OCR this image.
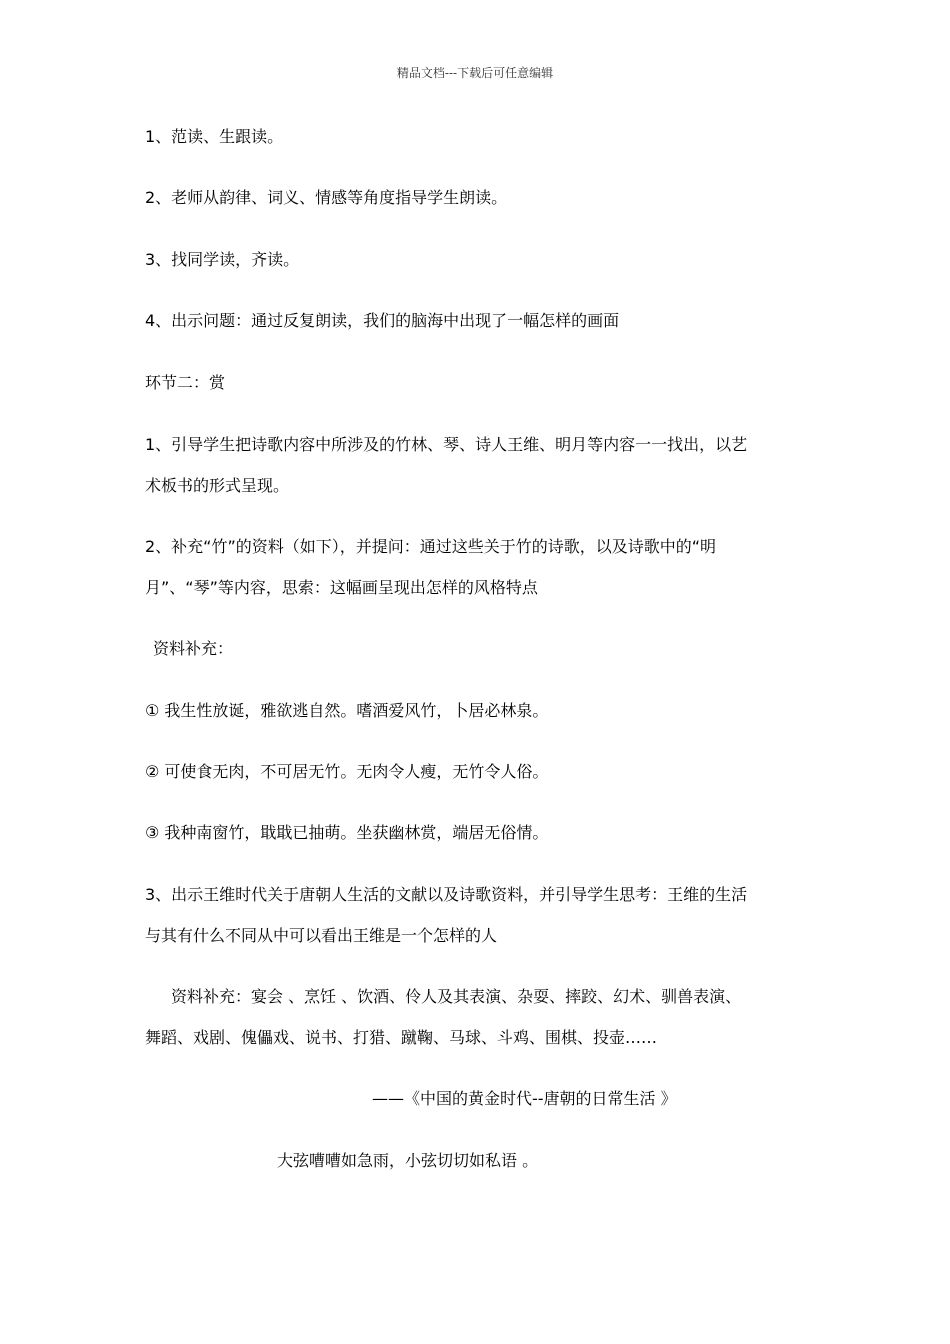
精品文档---下载后可任意编辑
1、范读、生跟读。
2、老师从韵律、词义、情感等角度指导学生朗读。
3、找同学读，齐读。
4、出示问题：通过反复朗读，我们的脑海中出现了一幅怎样的画面
环节二：赏
1、引导学生把诗歌内容中所涉及的竹林、琴、诗人王维、明月等内容一一找出，以艺
术板书的形式呈现。
2、补充“竹”的资料（如下），并提问：通过这些关于竹的诗歌，以及诗歌中的“明
月”、“琴”等内容，思索：这幅画呈现出怎样的风格特点
资料补充：
① 我生性放诞，雅欲逃自然。嗜酒爱风竹，卜居必林泉。
② 可使食无肉，不可居无竹。无肉令人瘦，无竹令人俗。
③ 我种南窗竹，戢戢已抽萌。坐获幽林赏，端居无俗情。
3、出示王维时代关于唐朝人生活的文献以及诗歌资料，并引导学生思考：王维的生活
与其有什么不同从中可以看出王维是一个怎样的人
资料补充：宴会 、烹饪 、饮酒、伶人及其表演、杂耍、摔跤、幻术、驯兽表演、
舞蹈、戏剧、傀儡戏、说书、打猎、蹴鞠、马球、斗鸡、围棋、投壶……
——《中国的黄金时代--唐朝的日常生活 》
大弦嘈嘈如急雨，小弦切切如私语 。
